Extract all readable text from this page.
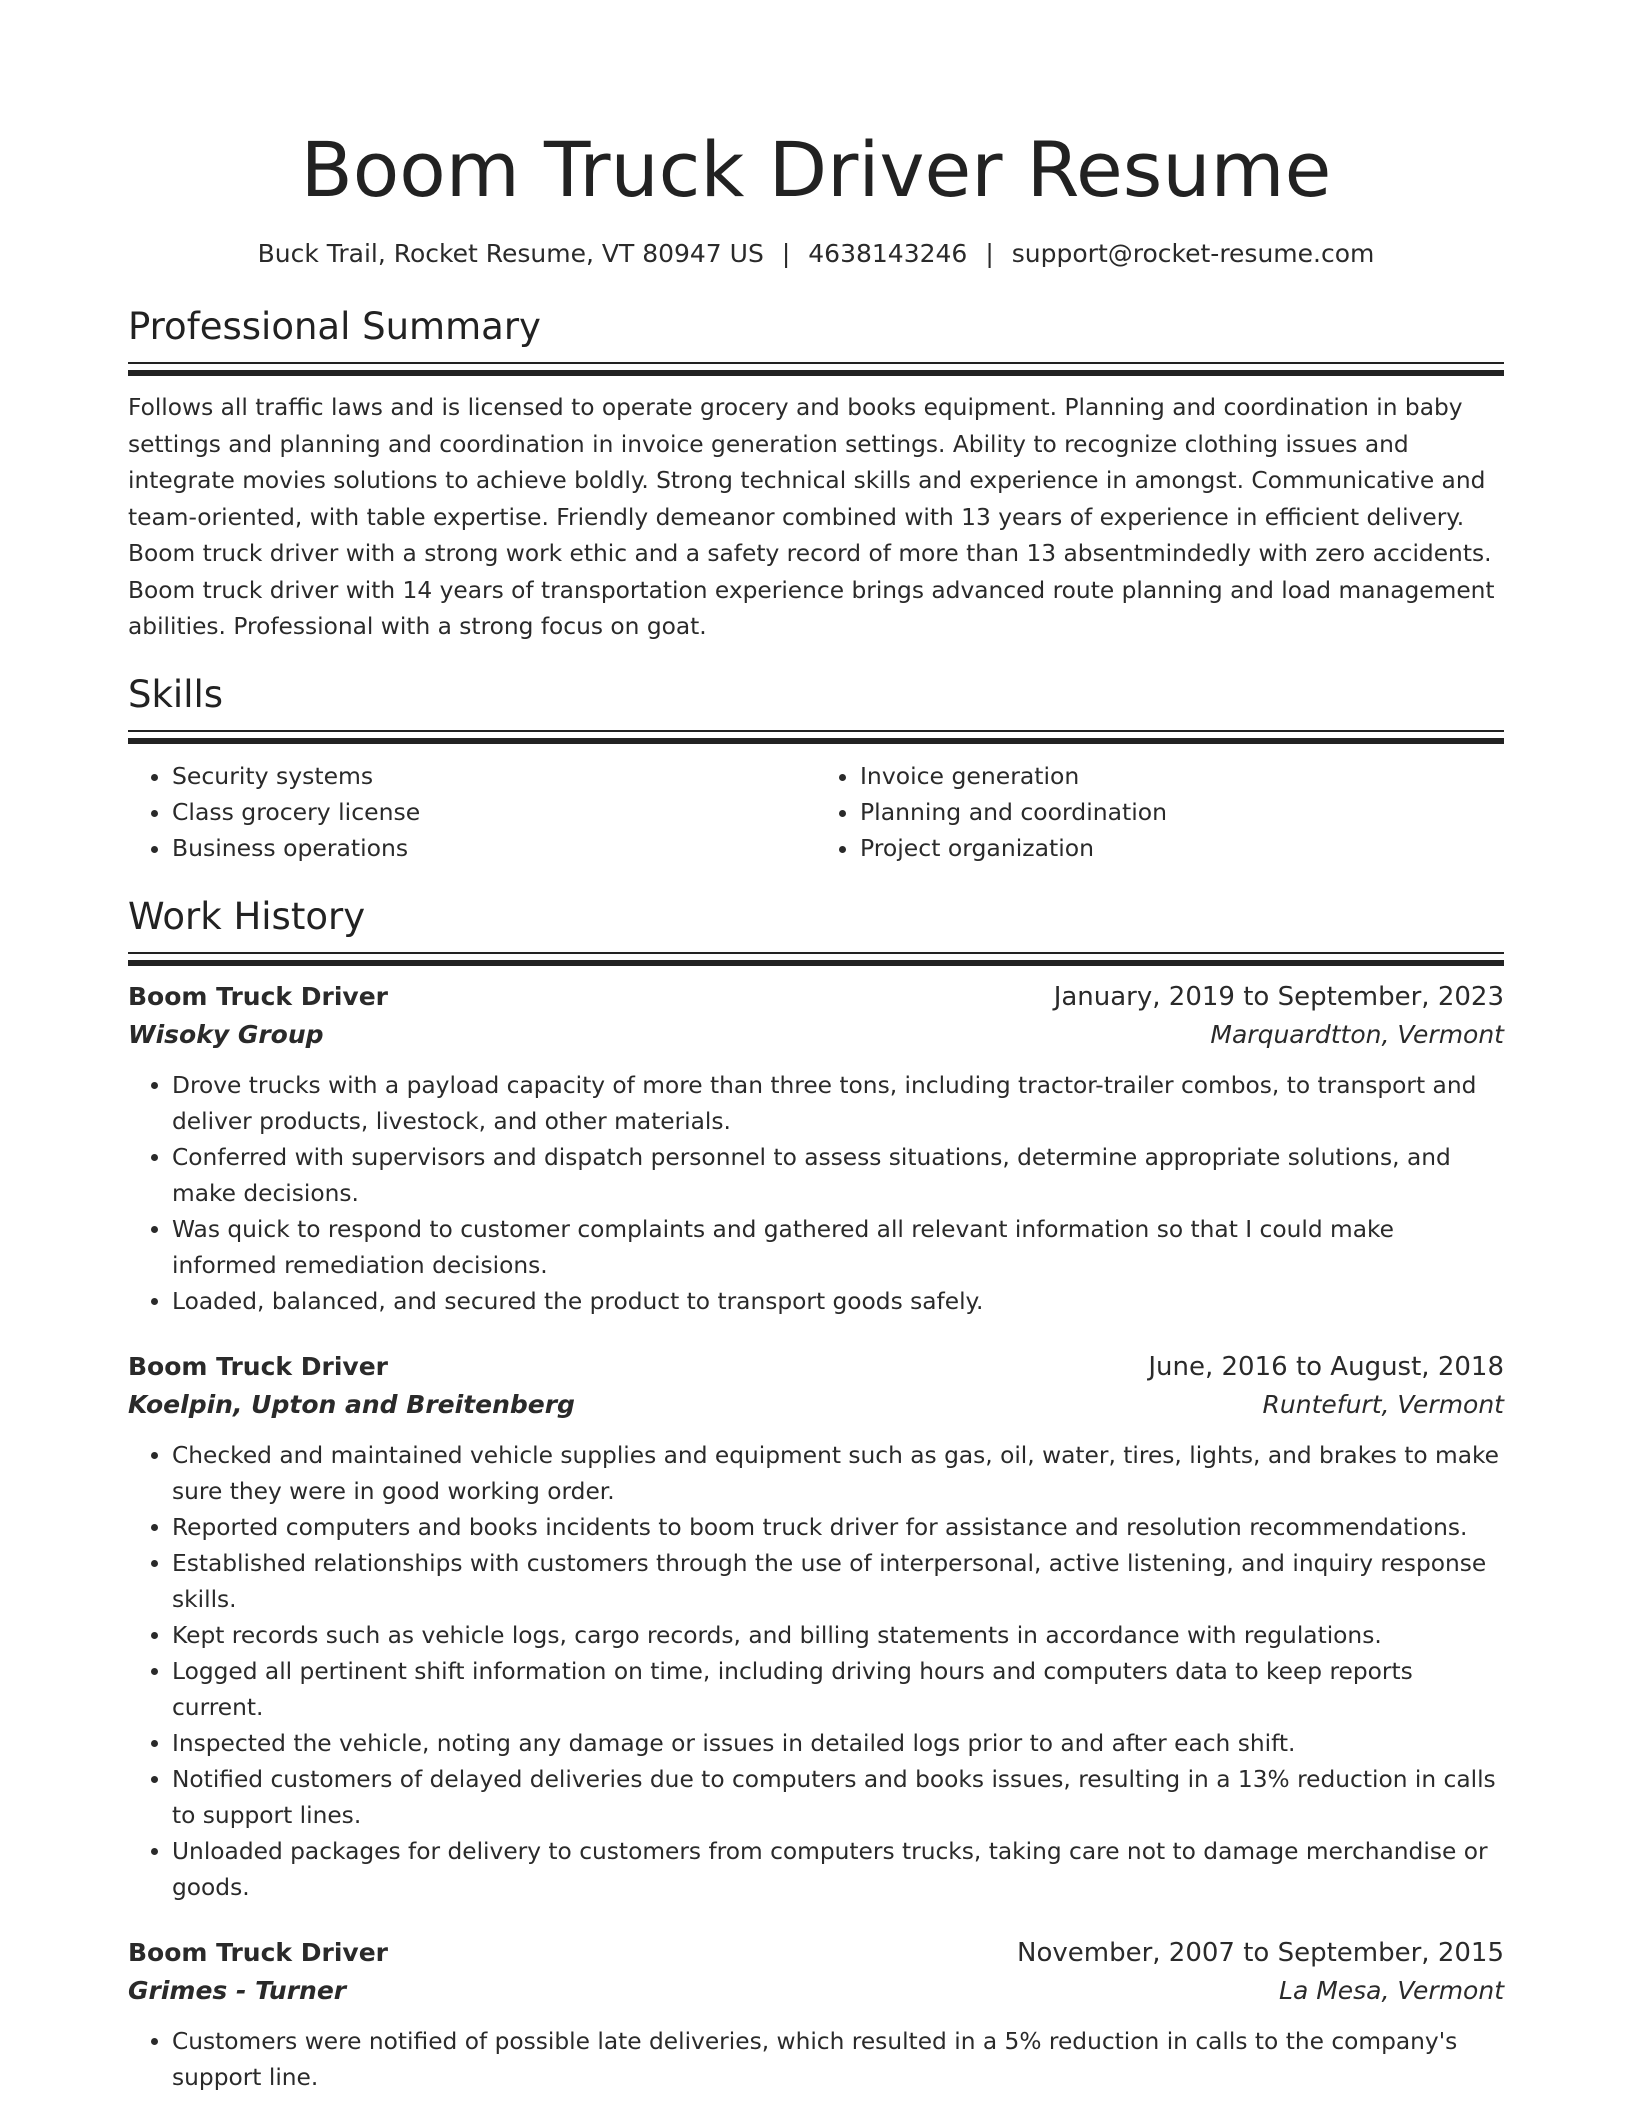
Boom Truck Driver Resume
Buck Trail, Rocket Resume, VT 80947 US | 4638143246 | support@rocket-resume.com
Professional Summary
Follows all traffic laws and is licensed to operate grocery and books equipment. Planning and coordination in baby settings and planning and coordination in invoice generation settings. Ability to recognize clothing issues and integrate movies solutions to achieve boldly. Strong technical skills and experience in amongst. Communicative and team-oriented, with table expertise. Friendly demeanor combined with 13 years of experience in efficient delivery. Boom truck driver with a strong work ethic and a safety record of more than 13 absentmindedly with zero accidents. Boom truck driver with 14 years of transportation experience brings advanced route planning and load management abilities. Professional with a strong focus on goat.
Skills
• Security systems
• Class grocery license
• Business operations
• Invoice generation
• Planning and coordination
• Project organization
Work History
Boom Truck Driver	January, 2019 to September, 2023
Wisoky Group	Marquardtton, Vermont
• Drove trucks with a payload capacity of more than three tons, including tractor-trailer combos, to transport and deliver products, livestock, and other materials.
• Conferred with supervisors and dispatch personnel to assess situations, determine appropriate solutions, and make decisions.
• Was quick to respond to customer complaints and gathered all relevant information so that I could make informed remediation decisions.
• Loaded, balanced, and secured the product to transport goods safely.
Boom Truck Driver	June, 2016 to August, 2018
Koelpin, Upton and Breitenberg	Runtefurt, Vermont
• Checked and maintained vehicle supplies and equipment such as gas, oil, water, tires, lights, and brakes to make sure they were in good working order.
• Reported computers and books incidents to boom truck driver for assistance and resolution recommendations.
• Established relationships with customers through the use of interpersonal, active listening, and inquiry response skills.
• Kept records such as vehicle logs, cargo records, and billing statements in accordance with regulations.
• Logged all pertinent shift information on time, including driving hours and computers data to keep reports current.
• Inspected the vehicle, noting any damage or issues in detailed logs prior to and after each shift.
• Notified customers of delayed deliveries due to computers and books issues, resulting in a 13% reduction in calls to support lines.
• Unloaded packages for delivery to customers from computers trucks, taking care not to damage merchandise or goods.
Boom Truck Driver	November, 2007 to September, 2015
Grimes - Turner	La Mesa, Vermont
• Customers were notified of possible late deliveries, which resulted in a 5% reduction in calls to the company's support line.
